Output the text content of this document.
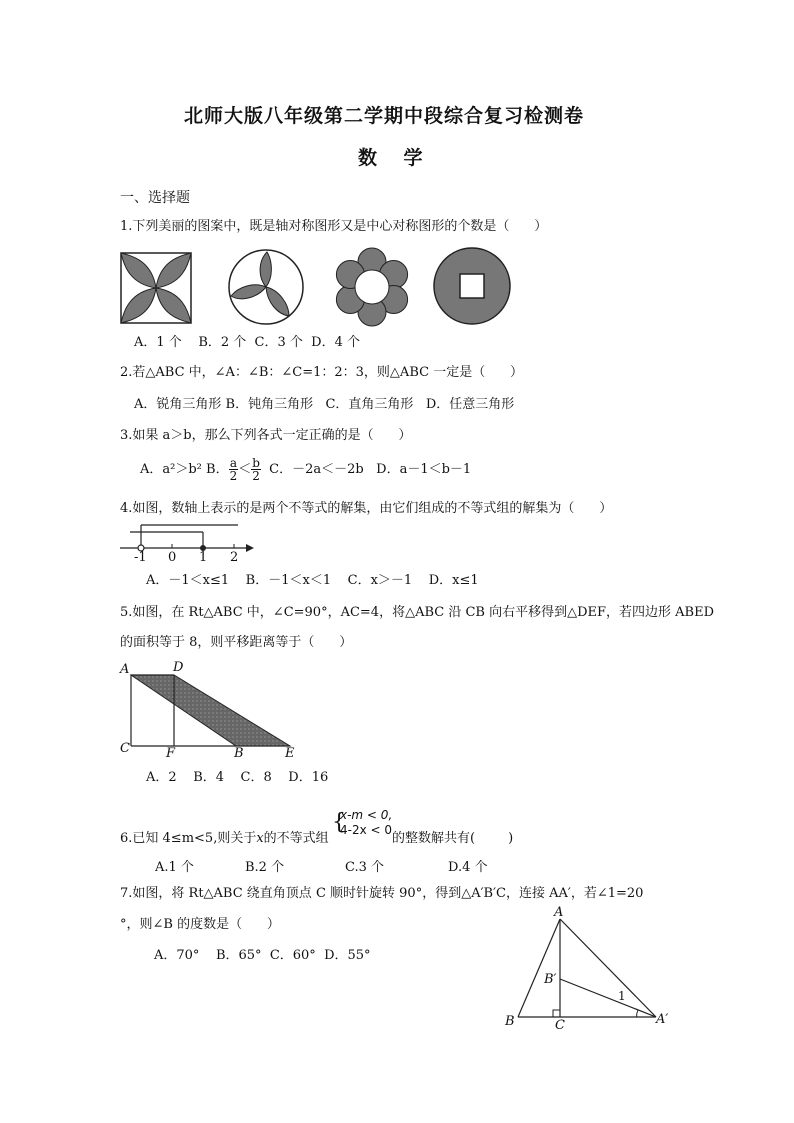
北师大版八年级第二学期中段综合复习检测卷
数    学
一、选择题
1.下列美丽的图案中，既是轴对称图形又是中心对称图形的个数是（      ）
A．1 个    B．2 个  C．3 个  D．4 个
2.若△ABC 中，∠A：∠B：∠C=1：2：3，则△ABC 一定是（      ）
A．锐角三角形 B．钝角三角形   C．直角三角形   D．任意三角形
3.如果 a＞b，那么下列各式一定正确的是（      ）
A．a²＞b² B． $\frac{a}{2} < \frac{b}{2}$ C．－2a＜－2b   D．a－1＜b－1
4.如图，数轴上表示的是两个不等式的解集，由它们组成的不等式组的解集为（      ）
-1 0 1 2
A．－1＜x≤1    B．－1＜x＜1    C．x＞－1    D．x≤1
5.如图，在 Rt△ABC 中，∠C=90°，AC=4，将△ABC 沿 CB 向右平移得到△DEF，若四边形 ABED
的面积等于 8，则平移距离等于（      ）
A	D
C	F	B	E
A．2    B．4    C．8    D．16
6.已知 4≤m<5,则关于x的不等式组
{
x-m < 0,
4-2x < 0
的整数解共有(        )
A.1 个	B.2 个	C.3 个	D.4 个
7.如图，将 Rt△ABC 绕直角顶点 C 顺时针旋转 90°，得到△A′B′C，连接 AA′，若∠1=20
°，则∠B 的度数是（      ）
A．70°    B．65°  C．60°  D．55°
A
B
B′
C	A′
1
